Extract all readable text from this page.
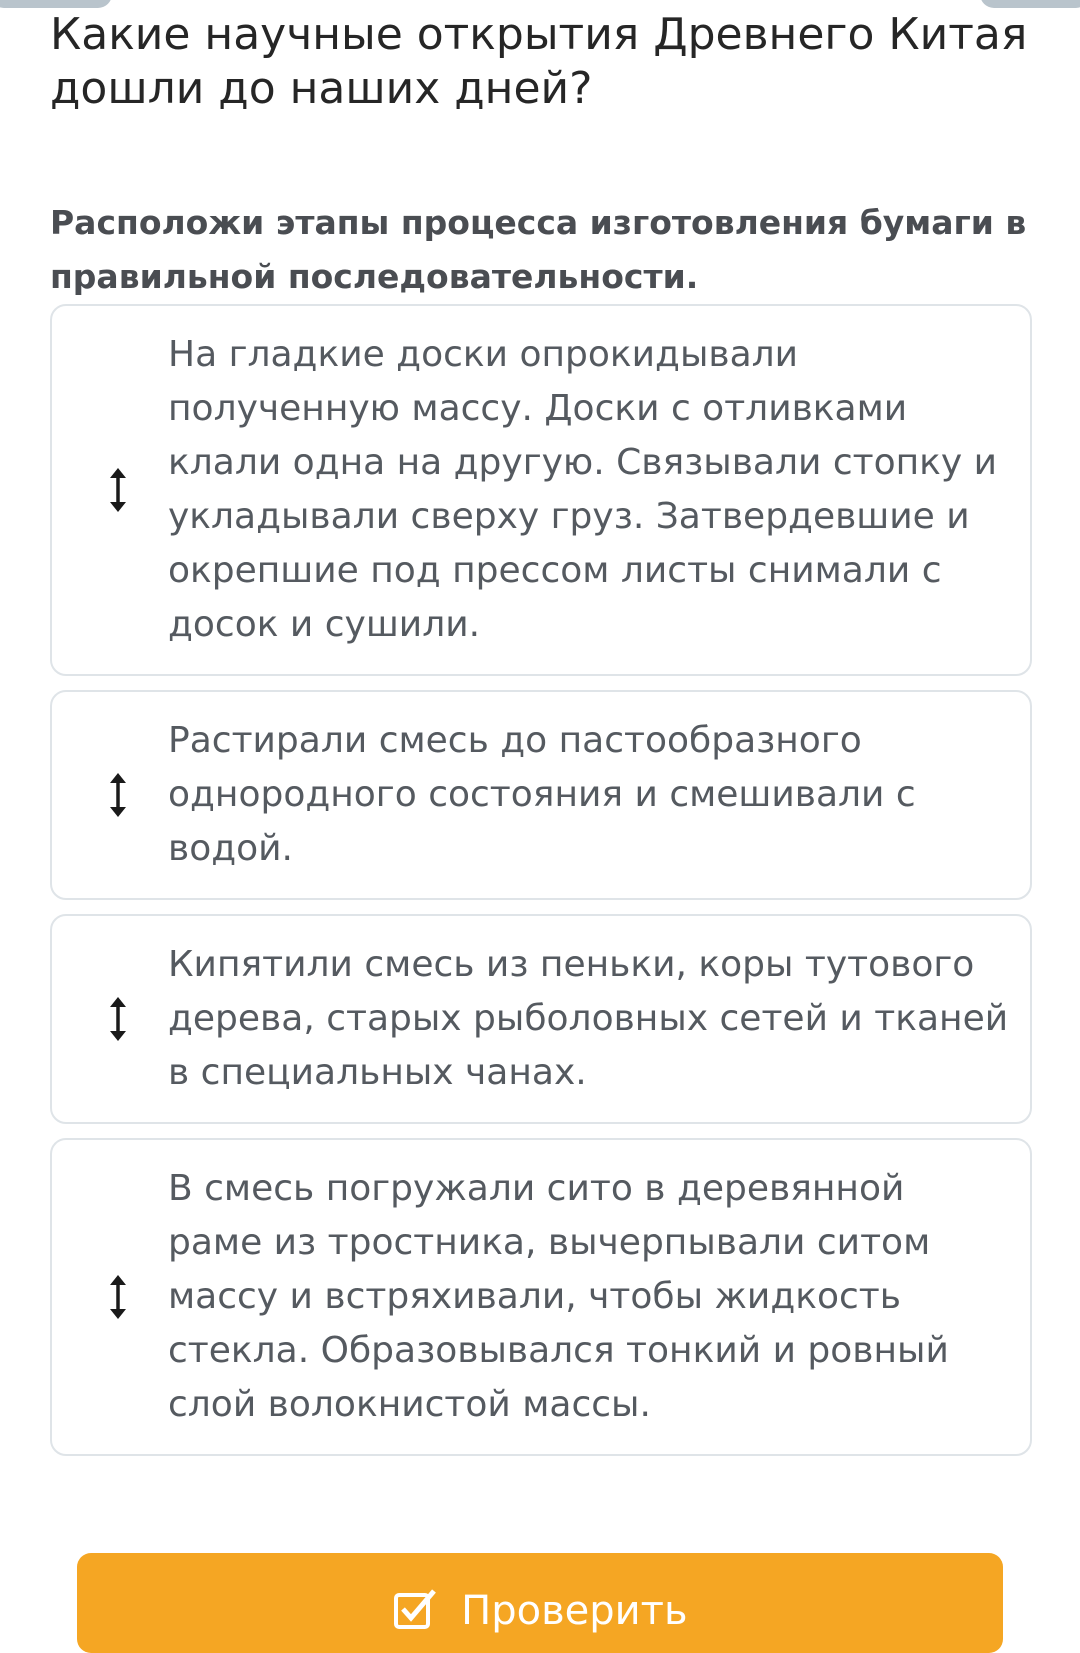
Какие научные открытия Древнего Китая дошли до наших дней?
Расположи этапы процесса изготовления бумаги в правильной последовательности.
На гладкие доски опрокидывали полученную массу. Доски с отливками клали одна на другую. Связывали стопку и укладывали сверху груз. Затвердевшие и окрепшие под прессом листы снимали с досок и сушили.
Растирали смесь до пастообразного однородного состояния и смешивали с водой.
Кипятили смесь из пеньки, коры тутового дерева, старых рыболовных сетей и тканей в специальных чанах.
В смесь погружали сито в деревянной раме из тростника, вычерпывали ситом массу и встряхивали, чтобы жидкость стекла. Образовывался тонкий и ровный слой волокнистой массы.
Проверить
